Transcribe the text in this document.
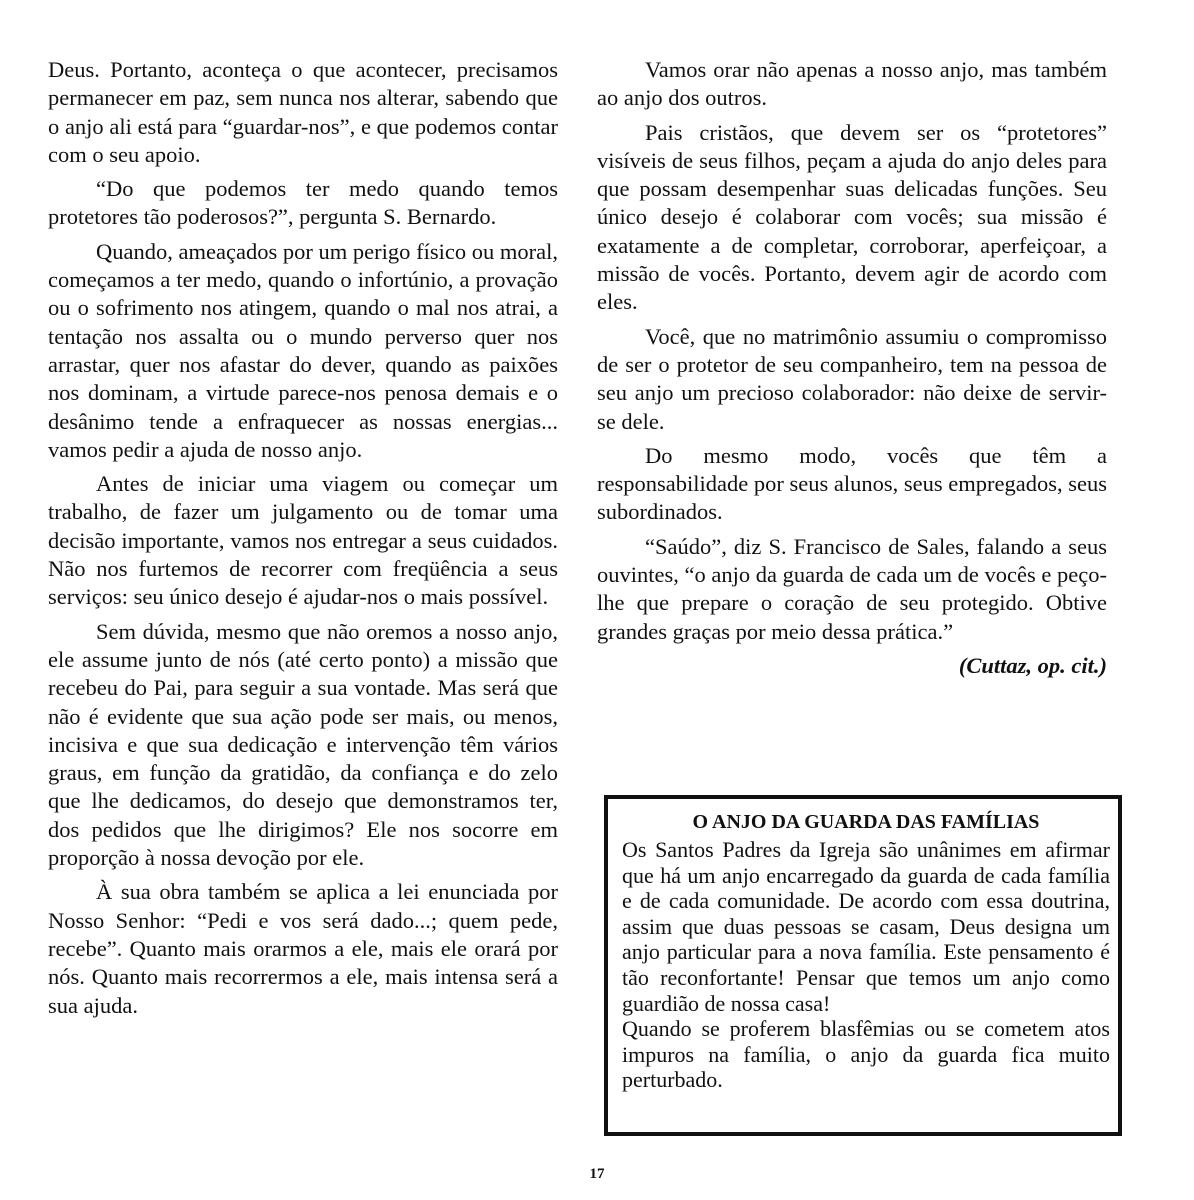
Deus. Portanto, aconteça o que acontecer, precisamos permanecer em paz, sem nunca nos alterar, sabendo que o anjo ali está para “guardar-nos”, e que podemos contar com o seu apoio.

“Do que podemos ter medo quando temos protetores tão poderosos?”, pergunta S. Bernardo.

Quando, ameaçados por um perigo físico ou moral, começamos a ter medo, quando o infortúnio, a provação ou o sofrimento nos atingem, quando o mal nos atrai, a tentação nos assalta ou o mundo perverso quer nos arrastar, quer nos afastar do dever, quando as paixões nos dominam, a virtude parece-nos penosa demais e o desânimo tende a enfraquecer as nossas energias... vamos pedir a ajuda de nosso anjo.

Antes de iniciar uma viagem ou começar um trabalho, de fazer um julgamento ou de tomar uma decisão importante, vamos nos entregar a seus cuidados. Não nos furtemos de recorrer com freqüência a seus serviços: seu único desejo é ajudar-nos o mais possível.

Sem dúvida, mesmo que não oremos a nosso anjo, ele assume junto de nós (até certo ponto) a missão que recebeu do Pai, para seguir a sua vontade. Mas será que não é evidente que sua ação pode ser mais, ou menos, incisiva e que sua dedicação e intervenção têm vários graus, em função da gratidão, da confiança e do zelo que lhe dedicamos, do desejo que demonstramos ter, dos pedidos que lhe dirigimos? Ele nos socorre em proporção à nossa devoção por ele.

À sua obra também se aplica a lei enunciada por Nosso Senhor: “Pedi e vos será dado...; quem pede, recebe”. Quanto mais orarmos a ele, mais ele orará por nós. Quanto mais recorrermos a ele, mais intensa será a sua ajuda.

Vamos orar não apenas a nosso anjo, mas também ao anjo dos outros.

Pais cristãos, que devem ser os “protetores” visíveis de seus filhos, peçam a ajuda do anjo deles para que possam desempenhar suas delicadas funções. Seu único desejo é colaborar com vocês; sua missão é exatamente a de completar, corroborar, aperfeiçoar, a missão de vocês. Portanto, devem agir de acordo com eles.

Você, que no matrimônio assumiu o compromisso de ser o protetor de seu companheiro, tem na pessoa de seu anjo um precioso colaborador: não deixe de servir-se dele.

Do mesmo modo, vocês que têm a responsabilidade por seus alunos, seus empregados, seus subordinados.

“Saúdo”, diz S. Francisco de Sales, falando a seus ouvintes, “o anjo da guarda de cada um de vocês e peço-lhe que prepare o coração de seu protegido. Obtive grandes graças por meio dessa prática.”

(Cuttaz, op. cit.)
O ANJO DA GUARDA DAS FAMÍLIAS

Os Santos Padres da Igreja são unânimes em afirmar que há um anjo encarregado da guarda de cada família e de cada comunidade. De acordo com essa doutrina, assim que duas pessoas se casam, Deus designa um anjo particular para a nova família. Este pensamento é tão reconfortante! Pensar que temos um anjo como guardião de nossa casa!

Quando se proferem blasfêmias ou se cometem atos impuros na família, o anjo da guarda fica muito perturbado.

17
